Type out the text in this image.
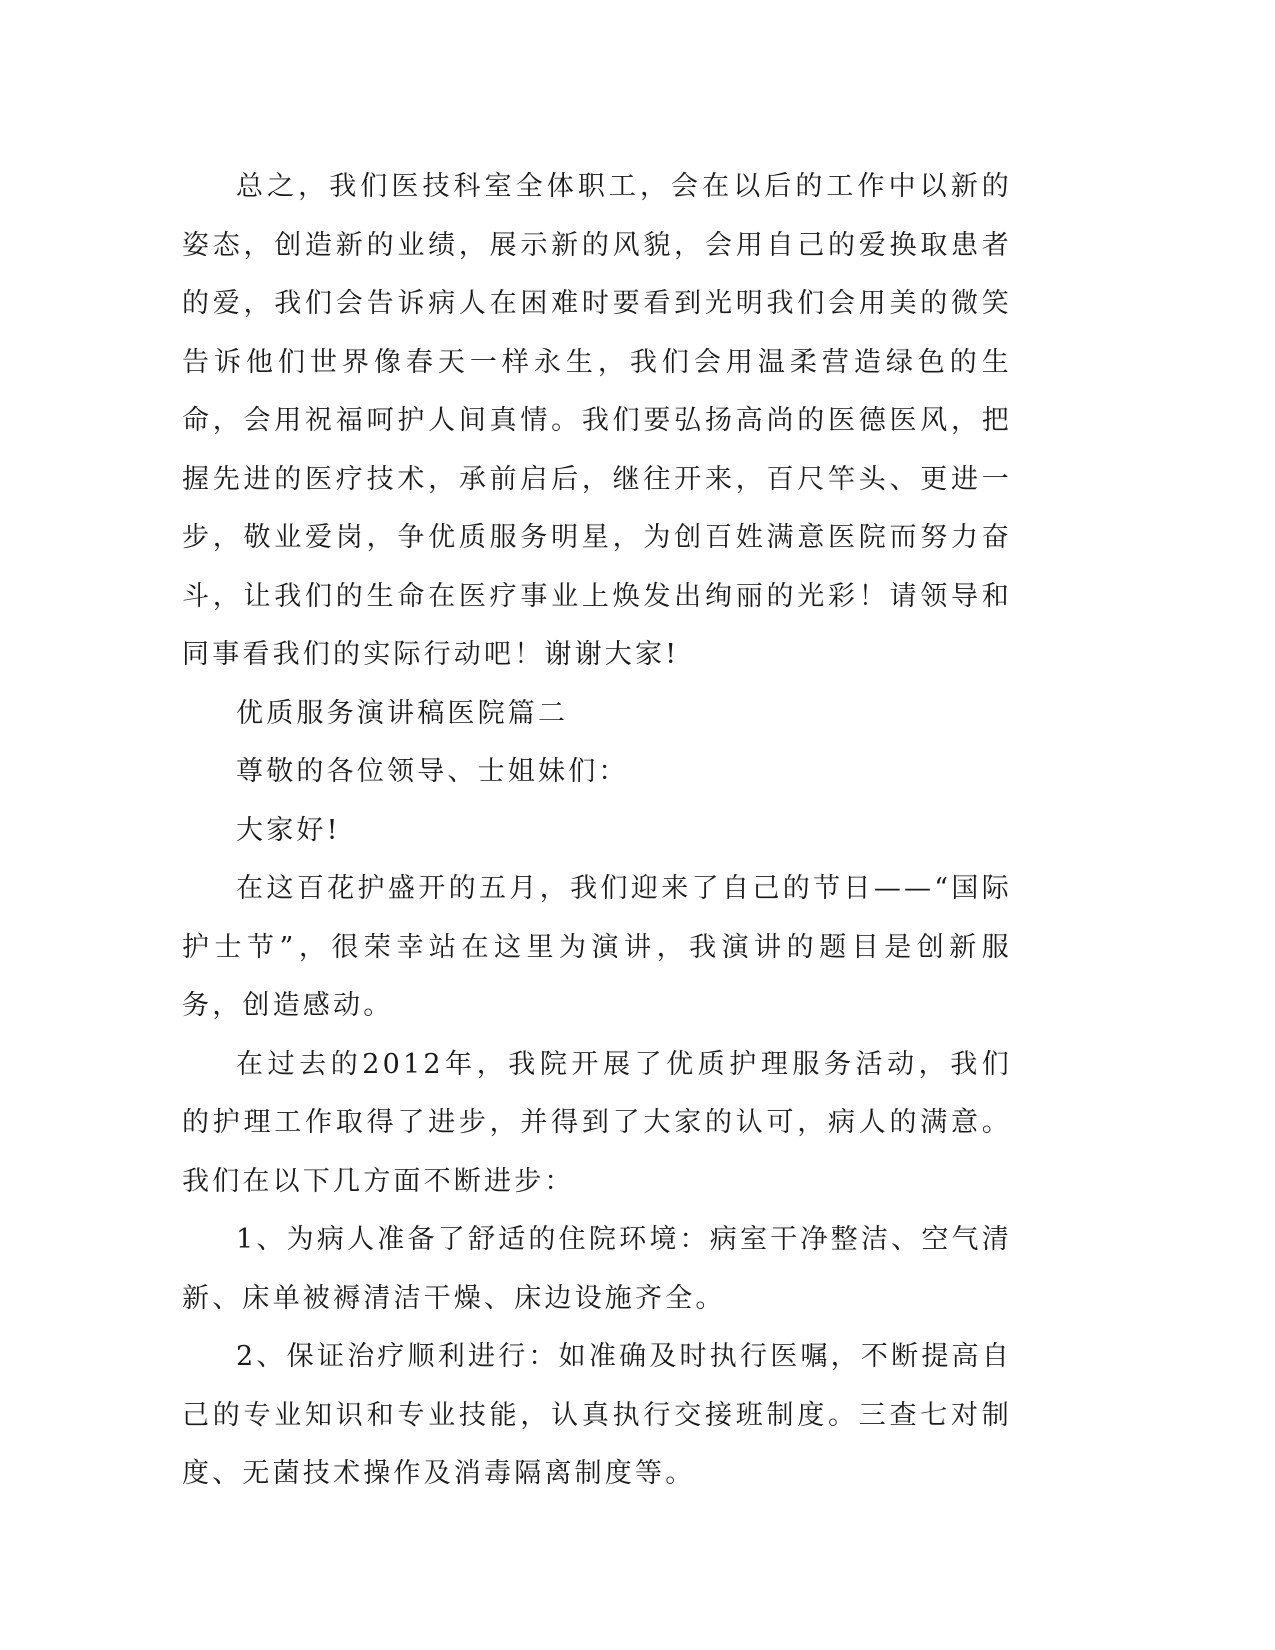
总之，我们医技科室全体职工，会在以后的工作中以新的姿态，创造新的业绩，展示新的风貌，会用自己的爱换取患者的爱，我们会告诉病人在困难时要看到光明我们会用美的微笑告诉他们世界像春天一样永生，我们会用温柔营造绿色的生命，会用祝福呵护人间真情。我们要弘扬高尚的医德医风，把握先进的医疗技术，承前启后，继往开来，百尺竿头、更进一步，敬业爱岗，争优质服务明星，为创百姓满意医院而努力奋斗，让我们的生命在医疗事业上焕发出绚丽的光彩！请领导和同事看我们的实际行动吧！谢谢大家!

优质服务演讲稿医院篇二

尊敬的各位领导、士姐妹们：

大家好!

在这百花护盛开的五月，我们迎来了自己的节日——“国际护士节”，很荣幸站在这里为演讲，我演讲的题目是创新服务，创造感动。

在过去的2012年，我院开展了优质护理服务活动，我们的护理工作取得了进步，并得到了大家的认可，病人的满意。我们在以下几方面不断进步：

1、为病人准备了舒适的住院环境：病室干净整洁、空气清新、床单被褥清洁干燥、床边设施齐全。

2、保证治疗顺利进行：如准确及时执行医嘱，不断提高自己的专业知识和专业技能，认真执行交接班制度。三查七对制度、无菌技术操作及消毒隔离制度等。
